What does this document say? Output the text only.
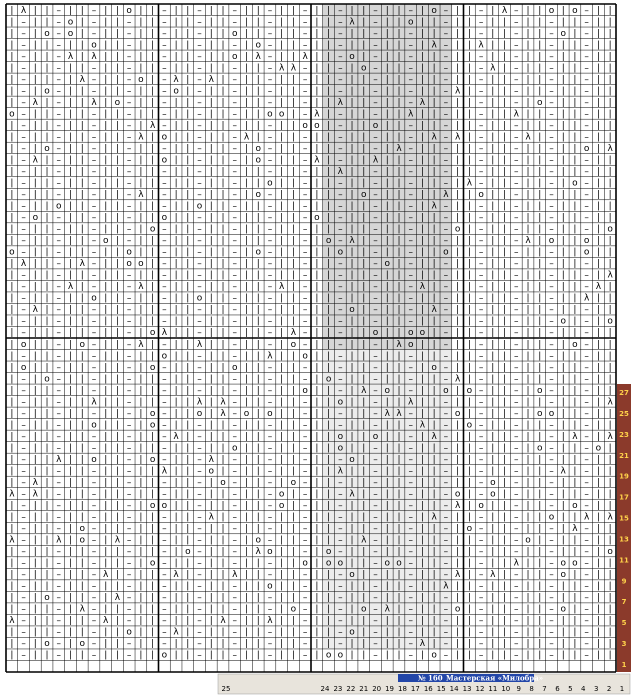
| λ | | – | | – | | o | | – | | – | | – | | – | | – | | – | | – | | – | o – | | – | λ – | | o | o – | |
| – | | – o | – | | – | | – | | – | | – | | – | | – | | – λ | – | | o | | – | | – | | – | | – | | – | |
| – | o – o | – | | – | | – | | – | | o | | – | | – | | – | | – | | – | | – | | – | | – | | – o | – | |
| – | | – | | o | | – | | – | | – | | – | o – | | – | | – | | – | | – | λ – | | λ | | – | | – | | – | |
| – | | – λ | λ | | – | | – | | – | | o | λ – | | λ | | – o | – | | – | | – | | – | | – | | – | | – | |
| – | | – | | – | | – | | – | | – | | – | | – λ λ – | | – | o – | | – | | – | | – λ | – | | – | | – | |
| – | | – | λ – | | – o | – λ | – λ | – | | – | | – | | – | | – | | – | | – | | – | | – | | – | | – | |
| – | o – | | – | | – | | – o | – | | – | | – | | – | | – | | – | | – | | – λ | – | | – | | – | | – | |
| – λ | – | | λ | o – | | – | | – | | – | | – | | – | | λ | | – | | – λ | – | | – | | – | o – | | – | |
o – | | – | | – | | – | | – | | – | | – | | o o | – λ | – | | – | | λ | | – | | – | | λ | | – | | – | |
| – | | – | | – | | – | λ – | | – | | – | | – | | o o | – | | o | | – | | – | | – | | – | | – | | – | |
| – | | – | | – | | – λ | o | | – | | – λ | – | | – | | – | | – | | – | λ – λ | – | | – λ | – | | – | |
| – | o – | | – | | – | | – | | – | | – | o – | | – | | – | | – | λ – | | – | | – | | – | | – | | o | λ
| – λ | – | | – | | – | | o | | – | | – | o – | | – λ | – | | λ | | – | | – | | – | | – | | – | | – | |
| – | | – | | – | | – | | – | | – | | – | | – | | – | | λ | | – | | – | | – | | – | | – | | – | | – | |
| – | | – | | – | | – | | – | | – | | – | | o | | – | | – | | – | | – | | – | λ – | | – | | – | o – | |
| – | | – | | – | | – λ | – | | – | | – | o – | | – | | – | o – | | – | | λ | | o | | – | | – | | – | |
| – | | o | | – | | – | | – | | o | | – | | – | | – | | – | | – | | – | λ – | | – | | – | | – | | – | |
| – o | – | | – | | – | | o | | – | | – | | – | | – o | – | | – | | – | | – | | – | | – | | – | | – | |
| – | | – | | – | | – | o – | | – | | – | | – | | – | | – | | – | | – | | – o | – | | – | | – | | – | o
| – | | – | | – o | – | | – | | – | | – | | – | | – | o – λ | – | | – | | – | | – | | – λ | o | | o | |
o – | | – | | – | | o | | – | | – | | – | o – | | – | | o | | – | | – | | o | | – | | – | | – | | o | |
| λ | | – | λ – | | o o | – | | – | | – | | – | | – | | – | | – o | – | | – | | – | | – | | – | | – | |
| – | | – | | – | | – | | – | | – | | – | | – | | – | | – | | – | | – | | – | | – | | – | | – | | – | λ
| – | | – λ | – | | – λ | – | | – | | – | | – λ | – | | – | | – | | – λ | – | | – | | – | | – | | – λ |
| – | | – | | o | | – | | – | | o | | – | | – | | – | | – | | – | | – | | – | | – | | – | | – | | λ | |
| – λ | – | | – | | – | | – | | – | | – | | – | | – | | – o | – | | – | λ – | | – | | – | | – | | – | |
| – | | – | | – | | – | | – | | – | | – | | – | | – | | – | | – | | – | | – | | – | | – | | – o | – | o
| – | | – | | – | | – | o λ | | – | | – | | – | λ – | | – | | o | | o o | – | | – | | – | | – | | – | |
| o | | – | o – | | – λ | – | | λ | | – | | – | o – | | – | | – | λ o | | – | | – | | – | | – | o – | |
| – | | – | | – | | – | | o | | – | | – | | λ | | o | | – | | – | | – | | – | | – | | – | | – | | – | |
| o | | – | | – | | – | o – | | – | | o | | – | | – | | – | | – | | – | o – | | – | | – | | – | | – | |
| – | o – | | – | | – | | – | | – | | – | | – | | – | o – | | – | | – | | – λ | – | | – | | – | | – | |
| – | | – | | – | | – | | – | | – | | – | | – | | o | | – | λ – o | – | | o | o – | | – | o – | | – | |
| – | | – | | λ | | – | | – | | λ | λ – | | – | | – | | o | | – | | λ | | – | | – | | – | | – | | – | λ
| – | | – | | – | | – | o – | | o | λ – o | o | | – | | – | | – λ λ – | | – o | – | | – | o o | | – | |
| – | | – | | o | | – | o – | | – | | – | | – | | – | | – | | – | | – λ | – | o – | | – | | – | | – | |
| – | | – | | – | | – | | – λ | – | | – | | – | | – | | o | | o | | – | λ – | | – | | – | | – | λ – | λ
| – | | – | | – | | – | | – | | – | | o | | – | | – | | o | | – | | – | | – | | – | | – | o – | | – o |
| – | | λ | | o | | – | o – | | – λ | – | | – | | – | | – o | – | | – | | – | | – | | – | | – | | – | |
| – | | – | | – | | – | | λ | | – o | – | | – | | – | | λ | | – | | – | | – | | – | | – | | – λ | – | |
| – λ | – | | – | | – | | – | | – | o – | | – | o – | | – | | – | | – | | – | | – o | – | | – | | – | |
λ – λ | – | | – | | – | | – | | – | | – | | – o | – | | – λ | – | | – | | – o | – o | – | | – | | – | |
| – | | – | | – | | – | o o | | – | | – | | – o | – | | – | | – | | – | | – λ | o | | – | | – | o – | |
| – | | – | | – | | – | | – | | – λ | – | | – | | – | | – | | – | | – | λ – | | – | | – | | o | | λ | λ
| – | | – | o – | | – | | – | | – | | – | | – | | – | | – | | – | | – | | – | o – | | – | | – | λ – | |
λ – | | λ | o – | λ – | | – | | – | | – | o – | | – | | – | λ – | | – | | – | | – | | – o | – | | – | |
| – | | – | | – | | – | | – | o – | | – | λ o | | – | o – | | – | | – | | – | | – | | – | | – | | – | o
| – | | – | | – | | – | o – | | – | | – | | – | | o | o o | | – o o – | | – | | – | | λ | | – o o – | |
| – | | – | | – λ | – | | – λ | – | | λ | | – | | – | | – o | – | | – | | – λ | – λ | – | | – o | – | |
| – | | – | | – | | – | | – | | – | | – | | o | | – | | – | | – | | – | | λ | | – | | – | | – | | – | |
| – | o – | | – | λ – | | – | | – | | – | | – | | – | | – | | – | | – | | – | | – | | – | | – | | – | |
| – | | – | λ – | | – | | – | | – | | – | | – | o – | | – | o – λ | – | | – o | – | | – | | – o | – | |
λ – | | – | | – λ | – | | – | | – | λ – | | λ | | – | | – | | – | | – | | – | | – | | – | | – | | – | |
| – | | – | | – | | o | | – λ | – | | – | | – | | – | | – o | – | | – | | – | | – | | – | | – | | – | |
| – | o – | o – | | – | | – | | – | | – | | – | | – | | – | | – | | – λ | – | | – | | – | | – | | – | |
| – | | – | | – | | – | | o | | – | | – | | – | | – | o o | | – | | – | o – | | – | | – | | – | | – | |
27
25
23
21
19
17
15
13
11
9
7
5
3
1
№ 160 Мастерская «Милобра»
25	24 23 22 21 20 19 18 17 16 15 14 13 12 11 10 9 8 7 6 5 4 3 2 1
